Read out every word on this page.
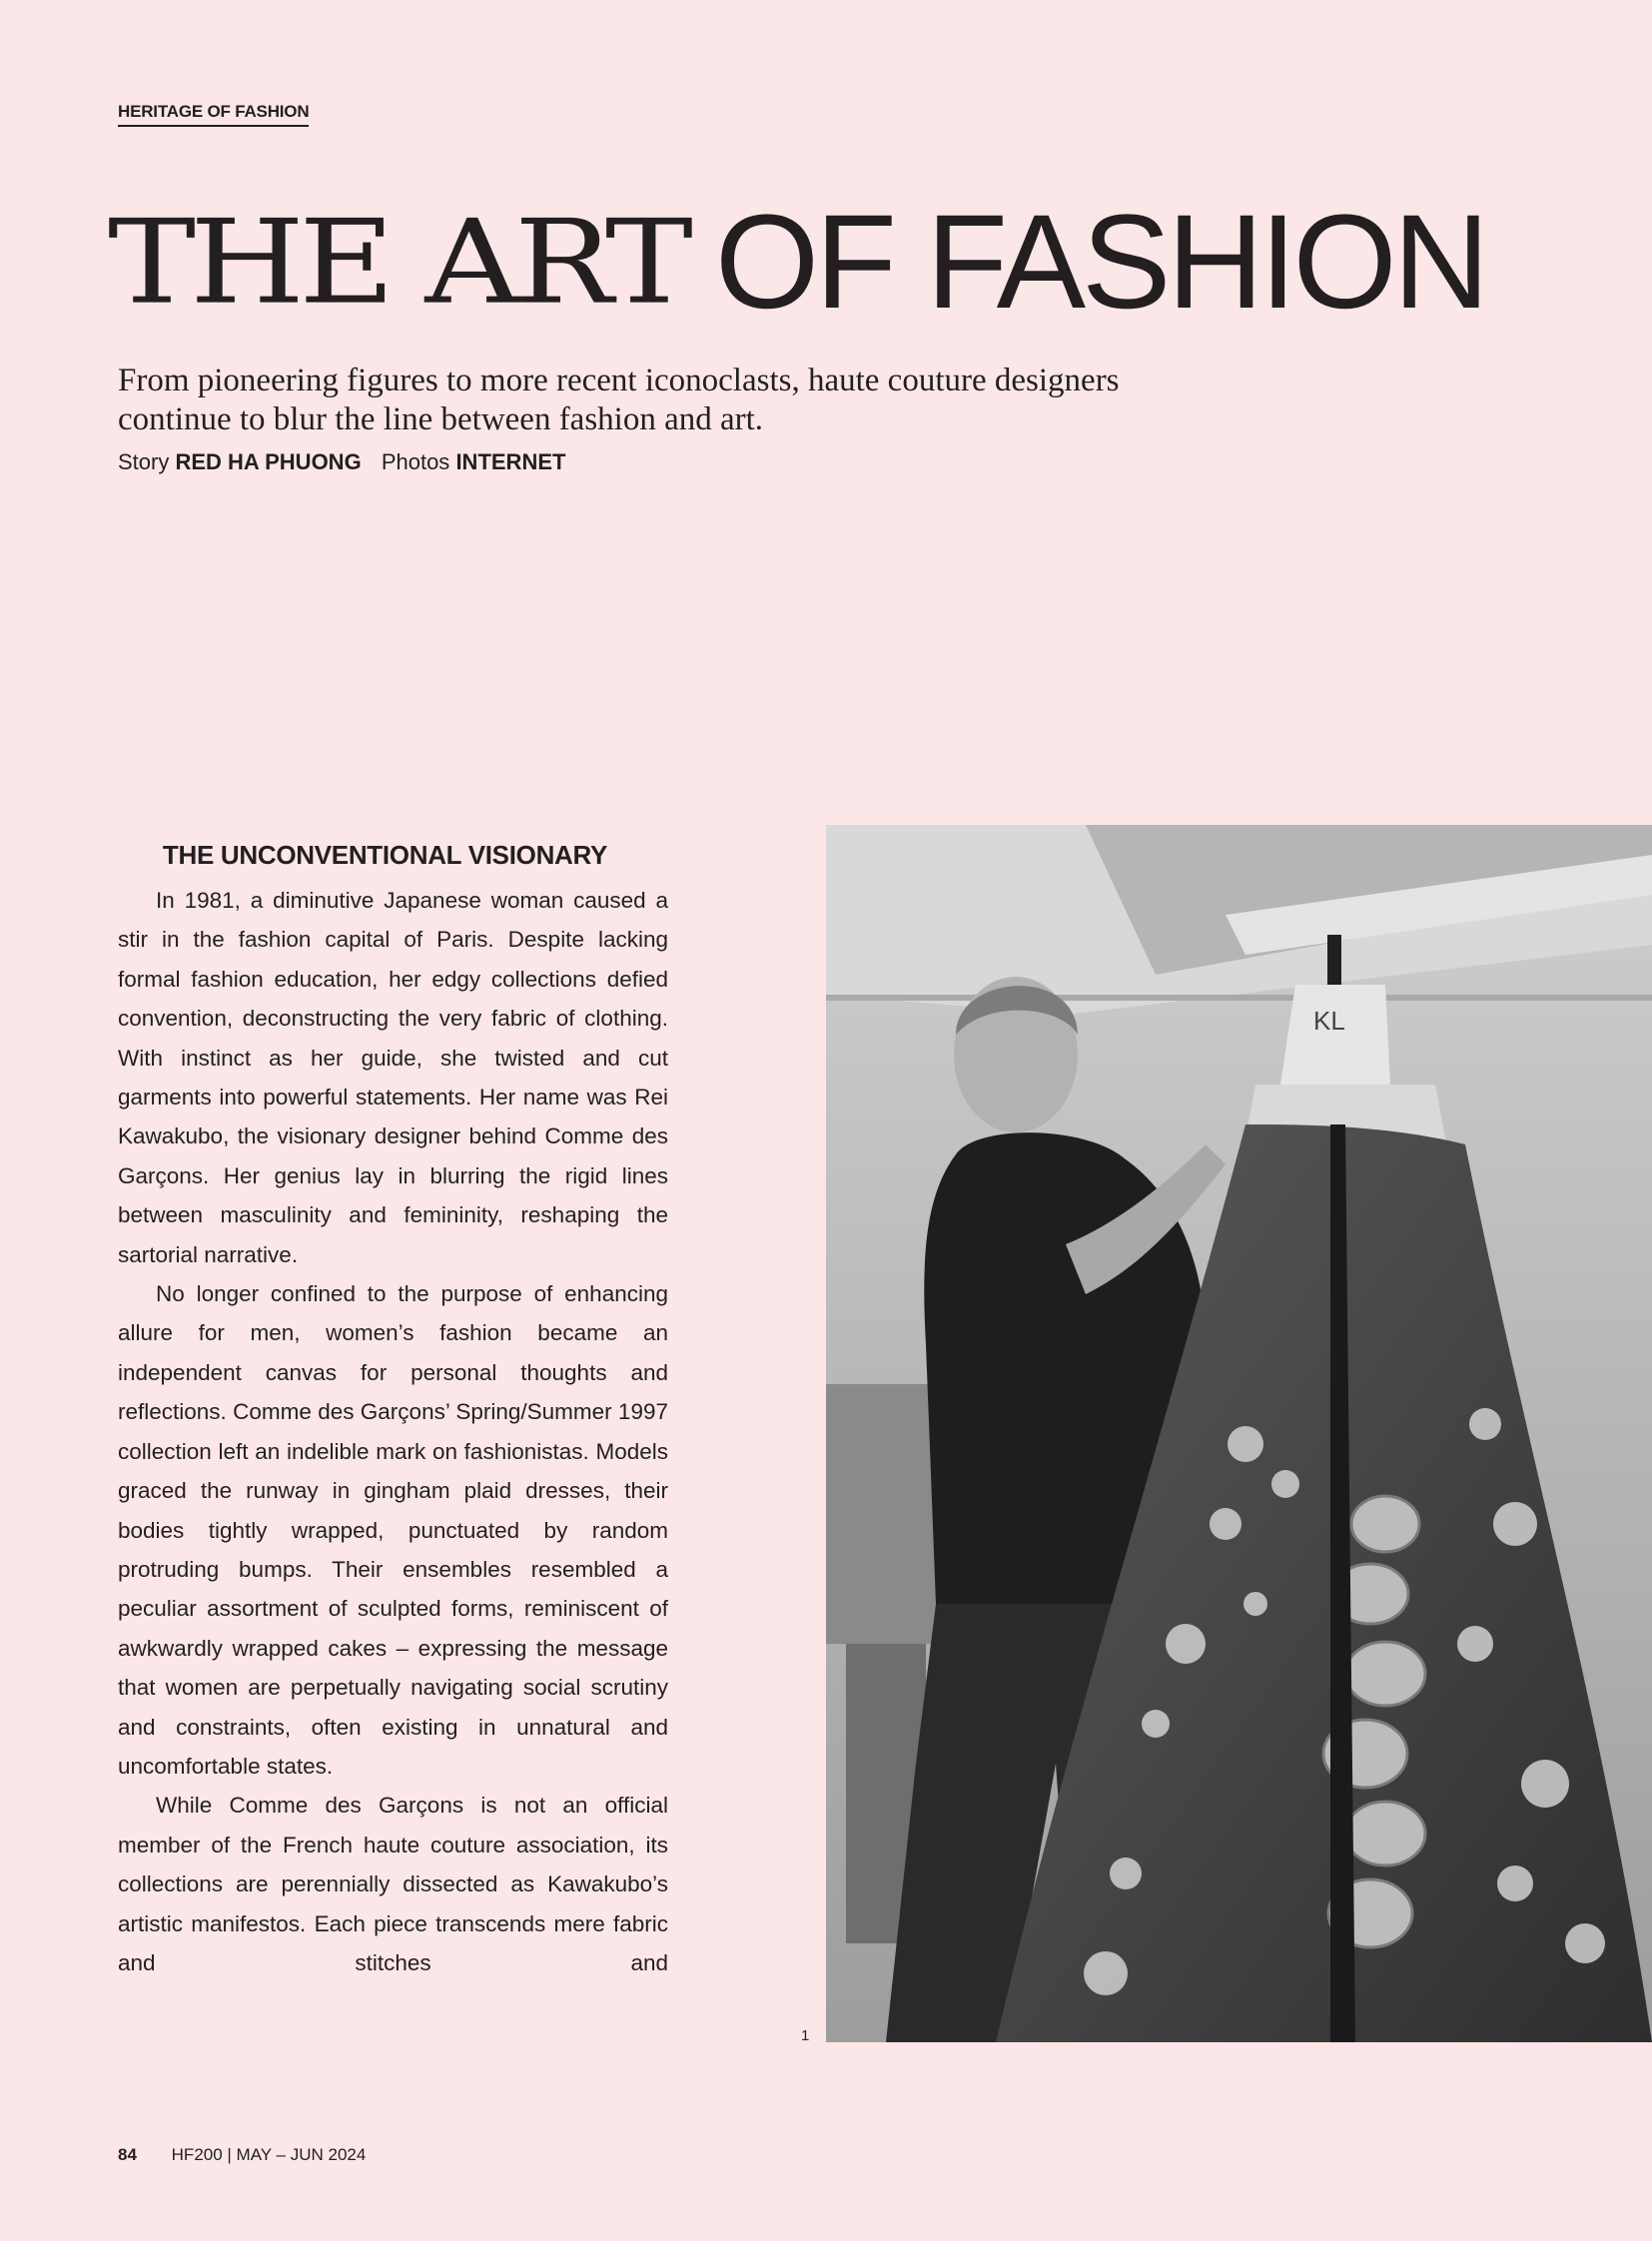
HERITAGE OF FASHION
THE ART OF FASHION

From pioneering figures to more recent iconoclasts, haute couture designers continue to blur the line between fashion and art.

Story RED HA PHUONG Photos INTERNET
THE UNCONVENTIONAL VISIONARY

In 1981, a diminutive Japanese woman caused a stir in the fashion capital of Paris. Despite lacking formal fashion education, her edgy collections defied convention, deconstructing the very fabric of clothing. With instinct as her guide, she twisted and cut garments into powerful statements. Her name was Rei Kawakubo, the visionary designer behind Comme des Garçons. Her genius lay in blurring the rigid lines between masculinity and femininity, reshaping the sartorial narrative.

No longer confined to the purpose of enhancing allure for men, women’s fashion became an independent canvas for personal thoughts and reflections. Comme des Garçons’ Spring/Summer 1997 collection left an indelible mark on fashionistas. Models graced the runway in gingham plaid dresses, their bodies tightly wrapped, punctuated by random protruding bumps. Their ensembles resembled a peculiar assortment of sculpted forms, reminiscent of awkwardly wrapped cakes – expressing the message that women are perpetually navigating social scrutiny and constraints, often existing in unnatural and uncomfortable states.

While Comme des Garçons is not an official member of the French haute couture association, its collections are perennially dissected as Kawakubo’s artistic manifestos. Each piece transcends mere fabric and stitches and

KL
1
84 HF200 | MAY – JUN 2024
